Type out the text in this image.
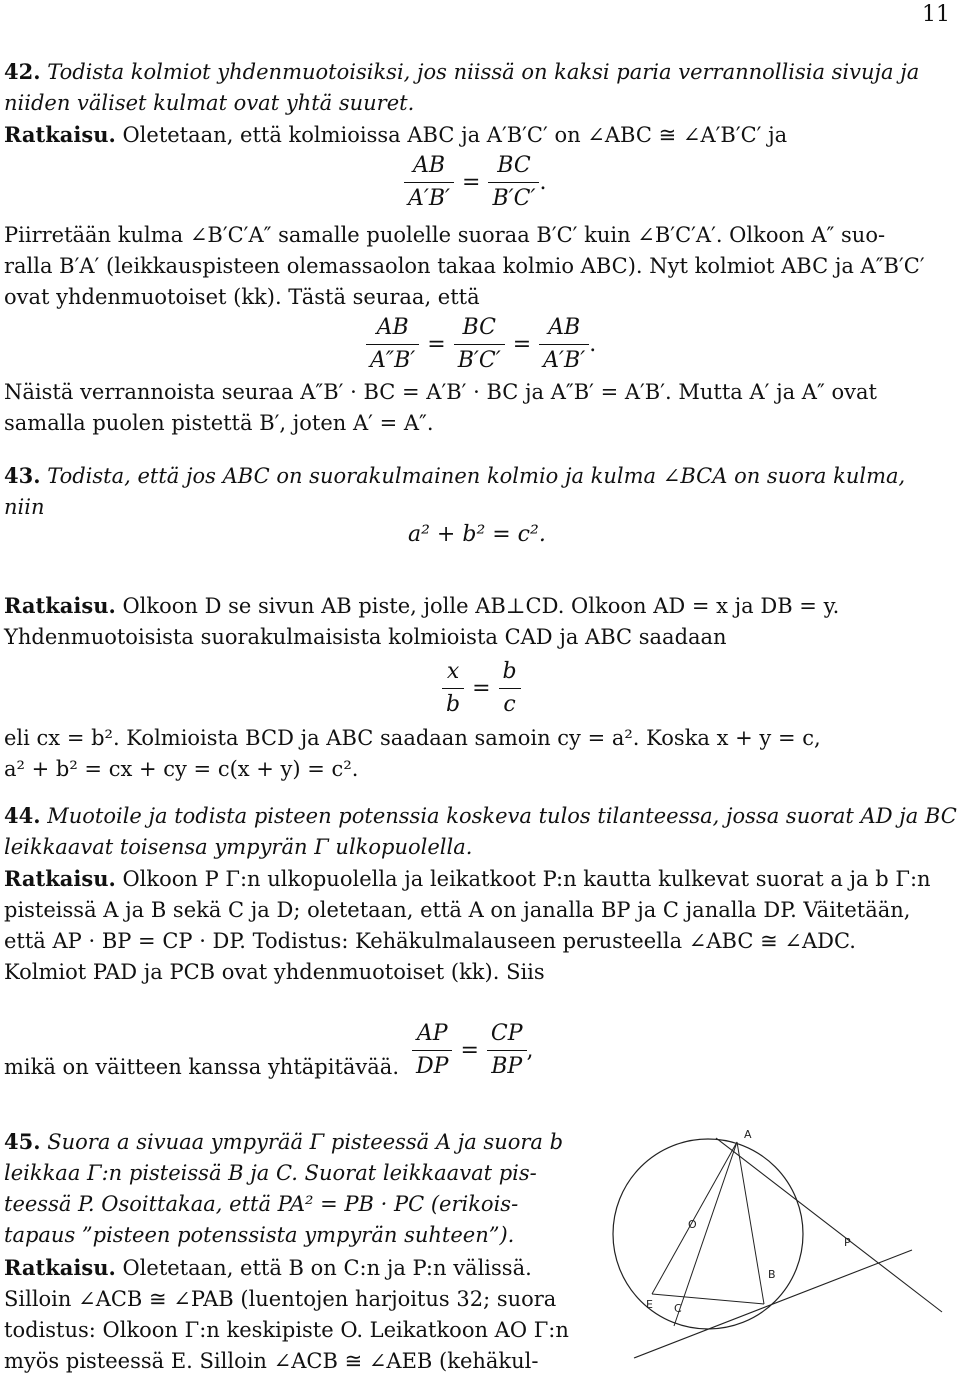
11
42. Todista kolmiot yhdenmuotoisiksi, jos niissä on kaksi paria verrannollisia sivuja ja
niiden väliset kulmat ovat yhtä suuret.
Ratkaisu. Oletetaan, että kolmioissa ABC ja A′B′C′ on ∠ABC ≅ ∠A′B′C′ ja
$\frac{AB}{A'B'} = \frac{BC}{B'C'}$ .
Piirretään kulma ∠B′C′A″ samalle puolelle suoraa B′C′ kuin ∠B′C′A′. Olkoon A″ suo-
ralla B′A′ (leikkauspisteen olemassaolon takaa kolmio ABC). Nyt kolmiot ABC ja A″B′C′
ovat yhdenmuotoiset (kk). Tästä seuraa, että
$\frac{AB}{A''B'} = \frac{BC}{B'C'} = \frac{AB}{A'B'}$ .
Näistä verrannoista seuraa A″B′ · BC = A′B′ · BC ja A″B′ = A′B′. Mutta A′ ja A″ ovat
samalla puolen pistettä B′, joten A′ = A″.
43. Todista, että jos ABC on suorakulmainen kolmio ja kulma ∠BCA on suora kulma,
niin
a² + b² = c².
Ratkaisu. Olkoon D se sivun AB piste, jolle AB⊥CD. Olkoon AD = x ja DB = y.
Yhdenmuotoisista suorakulmaisista kolmioista CAD ja ABC saadaan
$\frac{x}{b} = \frac{b}{c}$
eli cx = b². Kolmioista BCD ja ABC saadaan samoin cy = a². Koska x + y = c,
a² + b² = cx + cy = c(x + y) = c².
44. Muotoile ja todista pisteen potenssia koskeva tulos tilanteessa, jossa suorat AD ja BC
leikkaavat toisensa ympyrän Γ ulkopuolella.
Ratkaisu. Olkoon P Γ:n ulkopuolella ja leikatkoot P:n kautta kulkevat suorat a ja b Γ:n
pisteissä A ja B sekä C ja D; oletetaan, että A on janalla BP ja C janalla DP. Väitetään,
että AP · BP = CP · DP. Todistus: Kehäkulmalauseen perusteella ∠ABC ≅ ∠ADC.
Kolmiot PAD ja PCB ovat yhdenmuotoiset (kk). Siis
$\frac{AP}{DP} = \frac{CP}{BP}$ ,
mikä on väitteen kanssa yhtäpitävää.
45. Suora a sivuaa ympyrää Γ pisteessä A ja suora b
leikkaa Γ:n pisteissä B ja C. Suorat leikkaavat pis-
teessä P. Osoittakaa, että PA² = PB · PC (erikois-
tapaus ”pisteen potenssista ympyrän suhteen”).
Ratkaisu. Oletetaan, että B on C:n ja P:n välissä.
Silloin ∠ACB ≅ ∠PAB (luentojen harjoitus 32; suora
todistus: Olkoon Γ:n keskipiste O. Leikatkoon AO Γ:n
myös pisteessä E. Silloin ∠ACB ≅ ∠AEB (kehäkul-
A
O
P
B
E C
